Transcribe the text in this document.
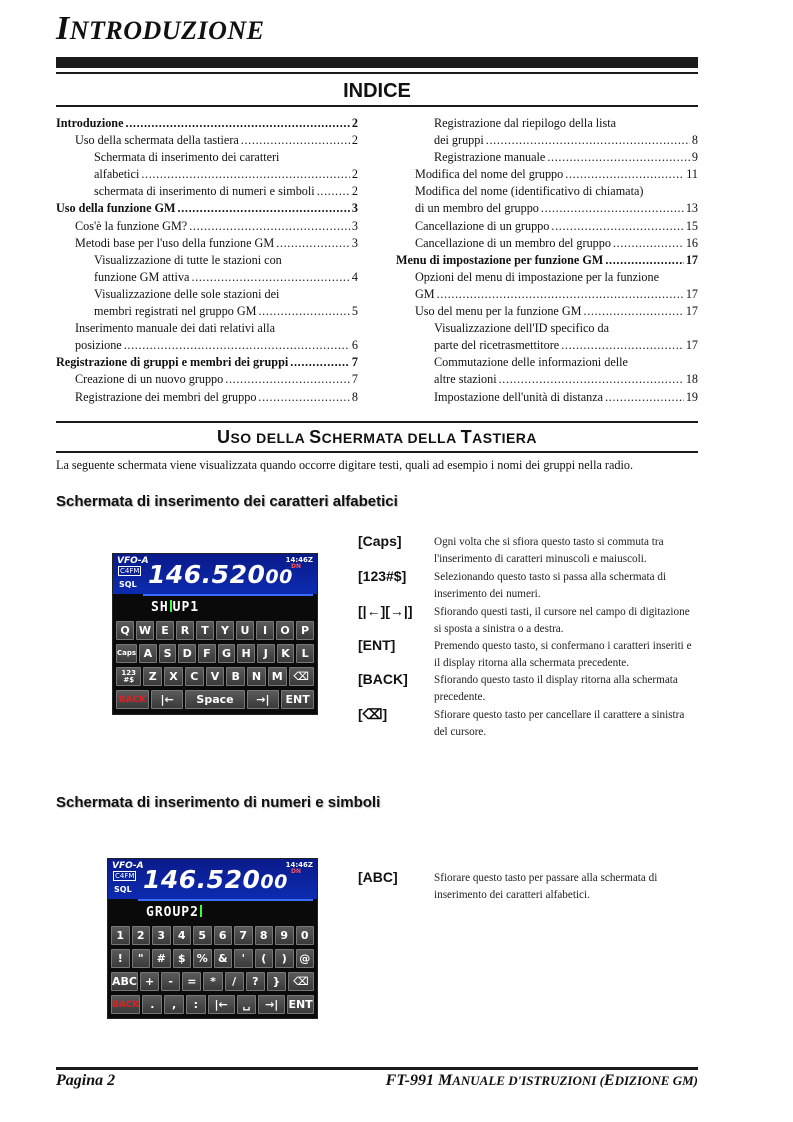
INTRODUZIONE
INDICE
Introduzione . . .	2
Uso della schermata della tastiera . . .	2
Schermata di inserimento dei caratteri
alfabetici . . .	2
schermata di inserimento di numeri e simboli . . .	2
Uso della funzione GM . . .	3
Cos'è la funzione GM? . . .	3
Metodi base per l'uso della funzione GM . . .	3
Visualizzazione di tutte le stazioni con
funzione GM attiva . . .	4
Visualizzazione delle sole stazioni dei
membri registrati nel gruppo GM . . .	5
Inserimento manuale dei dati relativi alla
posizione . . .	6
Registrazione di gruppi e membri dei gruppi . . .	7
Creazione di un nuovo gruppo . . .	7
Registrazione dei membri del gruppo . . .	8
Registrazione dal riepilogo della lista
dei gruppi . . .	8
Registrazione manuale . . .	9
Modifica del nome del gruppo . . .	11
Modifica del nome (identificativo di chiamata)
di un membro del gruppo . . .	13
Cancellazione di un gruppo . . .	15
Cancellazione di un membro del gruppo . . .	16
Menu di impostazione per funzione GM . . .	17
Opzioni del menu di impostazione per la funzione
GM . . .	17
Uso del menu per la funzione GM . . .	17
Visualizzazione dell'ID specifico da
parte del ricetrasmettitore . . .	17
Commutazione delle informazioni delle
altre stazioni . . .	18
Impostazione dell'unità di distanza . . .	19
USO DELLA SCHERMATA DELLA TASTIERA
La seguente schermata viene visualizzata quando occorre digitare testi, quali ad esempio i nomi dei gruppi nella radio.
Schermata di inserimento dei caratteri alfabetici
VFO-A
C4FM
SQL
14:46Z
146.52000
DN
SH UP1
Q W E	R	T	Y	U	I	O	P
Caps A	S	D	F	G H	J	K	L
123
#$	Z	X	C	V	B	N M ⌫
BACK	|←	Space	→|	ENT
[Caps]	Ogni volta che si sfiora questo tasto si commuta tra l'inserimento di caratteri minuscoli e maiuscoli.
[123#$] Selezionando questo tasto si passa alla schermata di inserimento dei numeri.
[|←][→|] Sfiorando questi tasti, il cursore nel campo di digitazione si sposta a sinistra o a destra.
[ENT]	Premendo questo tasto, si confermano i caratteri inseriti e il display ritorna alla schermata precedente.
[BACK] Sfiorando questo tasto il display ritorna alla schermata precedente.
[⌫]	Sfiorare questo tasto per cancellare il carattere a sinistra del cursore.
Schermata di inserimento di numeri e simboli
VFO-A
C4FM
SQL
14:46Z
146.52000 DN
GROUP2
1	2	3	4	5	6	7	8	9	0
!	"	#	$	% &	'	(	)	@
ABC +	-	=	*	/	?	}	⌫
BACK .	,	:	|←	␣	→| ENT
[ABC]	Sfiorare questo tasto per passare alla schermata di inserimento dei caratteri alfabetici.
Pagina 2	FT-991 MANUALE D'ISTRUZIONI (EDIZIONE GM)
